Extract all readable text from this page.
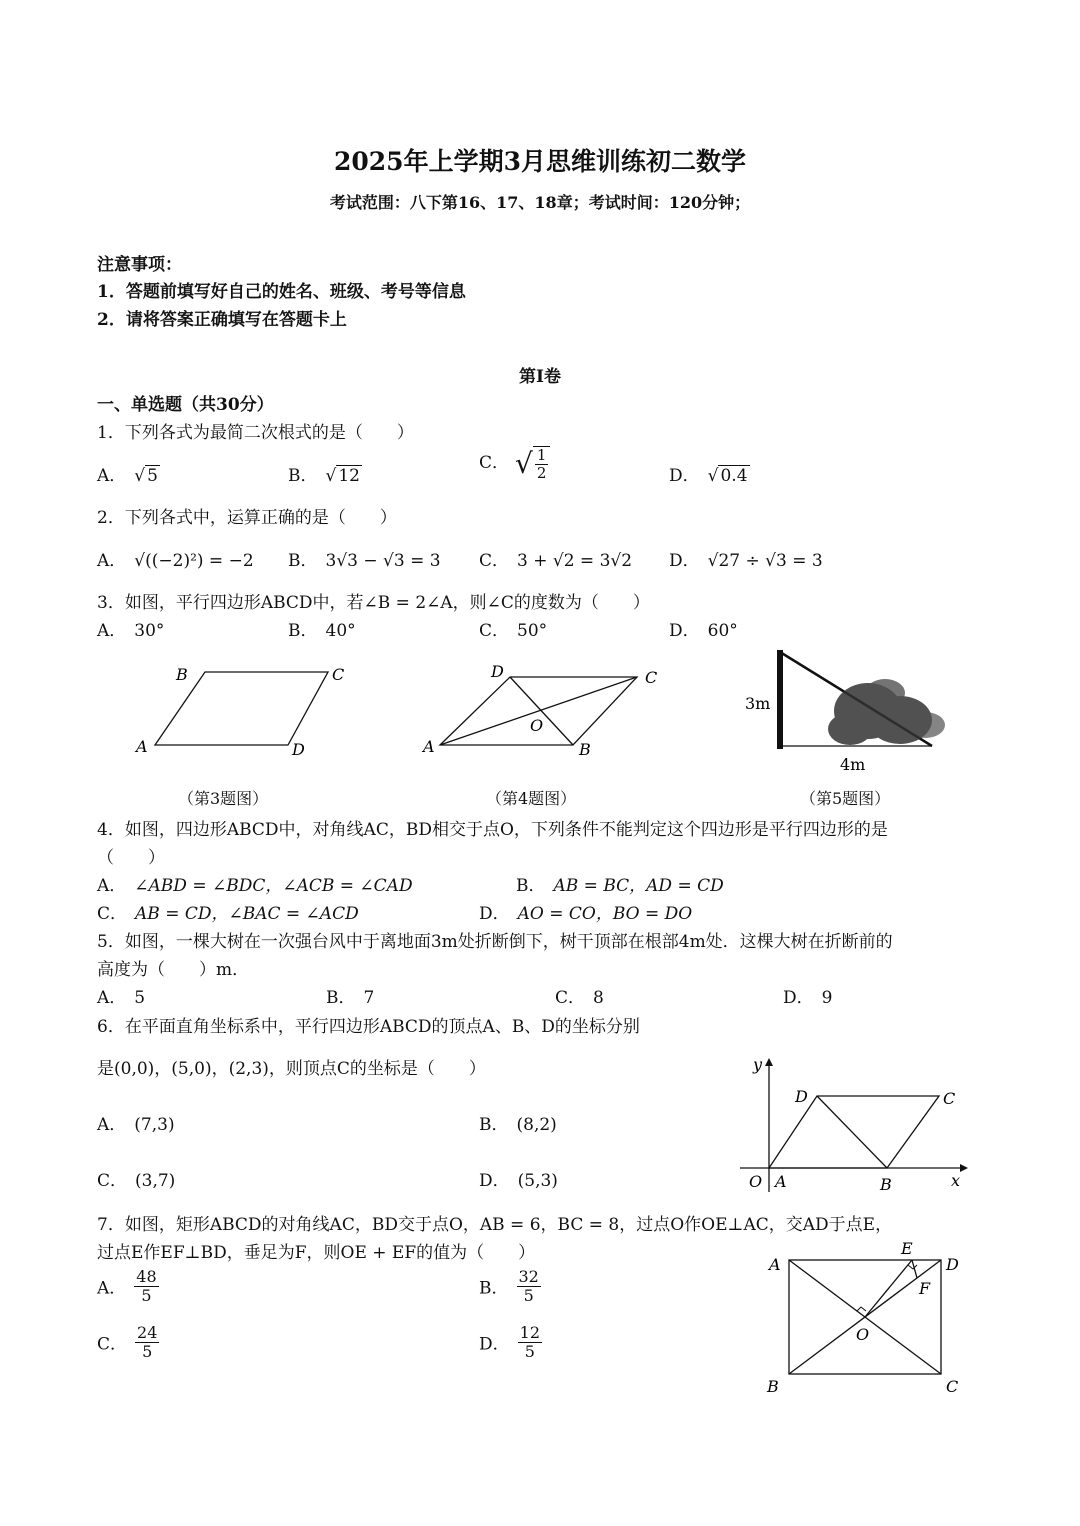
2025年上学期3月思维训练初二数学
考试范围：八下第16、17、18章；考试时间：120分钟；
注意事项：
1．答题前填写好自己的姓名、班级、考号等信息
2．请将答案正确填写在答题卡上
第I卷
一、单选题（共30分）
1．下列各式为最简二次根式的是（　　）
A． √ 5	B． √ 12
C． √ $\frac{1}{2}$	D． √ 0.4
2．下列各式中，运算正确的是（　　）
A． √((−2)²) = −2 B． 3√3 − √3 = 3 C． 3 + √2 = 3√2 D． √27 ÷ √3 = 3
3．如图，平行四边形ABCD中，若∠B = 2∠A，则∠C的度数为（　　）
A． 30°	B． 40°	C． 50°	D． 60°
A
B	C
D	A	B
C
D
O
3m
4m
（第3题图）	（第4题图）	（第5题图）
4．如图，四边形ABCD中，对角线AC，BD相交于点O，下列条件不能判定这个四边形是平行四边形的是
（　　）
A． ∠ABD = ∠BDC，∠ACB = ∠CAD	B． AB = BC，AD = CD
C． AB = CD，∠BAC = ∠ACD	D． AO = CO，BO = DO
5．如图，一棵大树在一次强台风中于离地面3m处折断倒下，树干顶部在根部4m处．这棵大树在折断前的
高度为（　　）m．
A． 5	B． 7	C． 8	D． 9
6．在平面直角坐标系中，平行四边形ABCD的顶点A、B、D的坐标分别
是(0,0)，(5,0)，(2,3)，则顶点C的坐标是（　　）
A． (7,3)	B． (8,2)
C． (3,7)	D． (5,3)	A	B
C
D
O	x
y
7．如图，矩形ABCD的对角线AC，BD交于点O，AB = 6，BC = 8，过点O作OE⊥AC，交AD于点E，
过点E作EF⊥BD，垂足为F，则OE + EF的值为（　　）
A． $\frac{48}{5}$	B． $\frac{32}{5}$
C． $\frac{24}{5}$	D． $\frac{12}{5}$
A
B	C
D
E
F
O
